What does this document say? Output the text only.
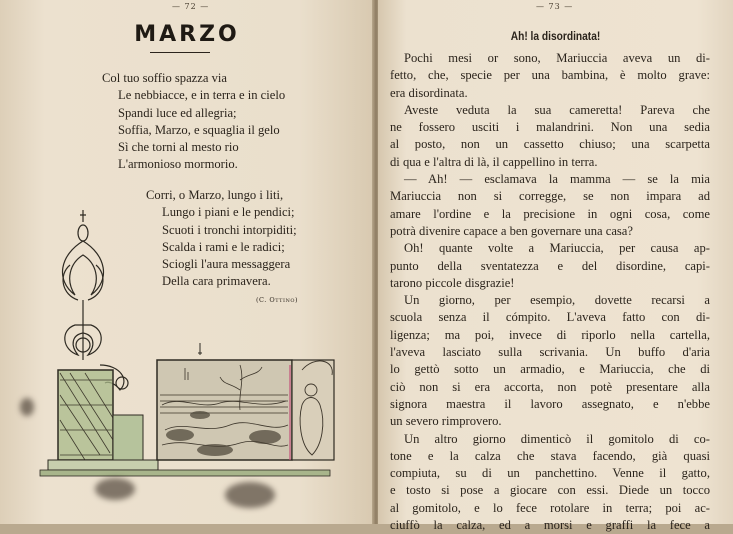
— 72 —
MARZO
Col tuo soffio spazza via
Le nebbiacce, e in terra e in cielo
Spandi luce ed allegria;
Soffia, Marzo, e squaglia il gelo
Sì che torni al mesto rio
L'armonioso mormorio.
Corri, o Marzo, lungo i liti,
Lungo i piani e le pendici;
Scuoti i tronchi intorpiditi;
Scalda i rami e le radici;
Sciogli l'aura messaggera
Della cara primavera.
(C. Ottino)
— 73 —
Ah! la disordinata!
Pochi mesi or sono, Mariuccia aveva un di-
fetto, che, specie per una bambina, è molto grave:
era disordinata.
Aveste veduta la sua cameretta! Pareva che
ne fossero usciti i malandrini. Non una sedia
al posto, non un cassetto chiuso; una scarpetta
di qua e l'altra di là, il cappellino in terra.
— Ah! — esclamava la mamma — se la mia
Mariuccia non si corregge, se non impara ad
amare l'ordine e la precisione in ogni cosa, come
potrà divenire capace a ben governare una casa?
Oh! quante volte a Mariuccia, per causa ap-
punto della sventatezza e del disordine, capi-
tarono piccole disgrazie!
Un giorno, per esempio, dovette recarsi a
scuola senza il cómpito. L'aveva fatto con di-
ligenza; ma poi, invece di riporlo nella cartella,
l'aveva lasciato sulla scrivania. Un buffo d'aria
lo gettò sotto un armadio, e Mariuccia, che di
ciò non si era accorta, non potè presentare alla
signora maestra il lavoro assegnato, e n'ebbe
un severo rimprovero.
Un altro giorno dimenticò il gomitolo di co-
tone e la calza che stava facendo, già quasi
compiuta, su di un panchettino. Venne il gatto,
e tosto si pose a giocare con essi. Diede un tocco
al gomitolo, e lo fece rotolare in terra; poi ac-
ciuffò la calza, ed a morsi e graffi la fece a
